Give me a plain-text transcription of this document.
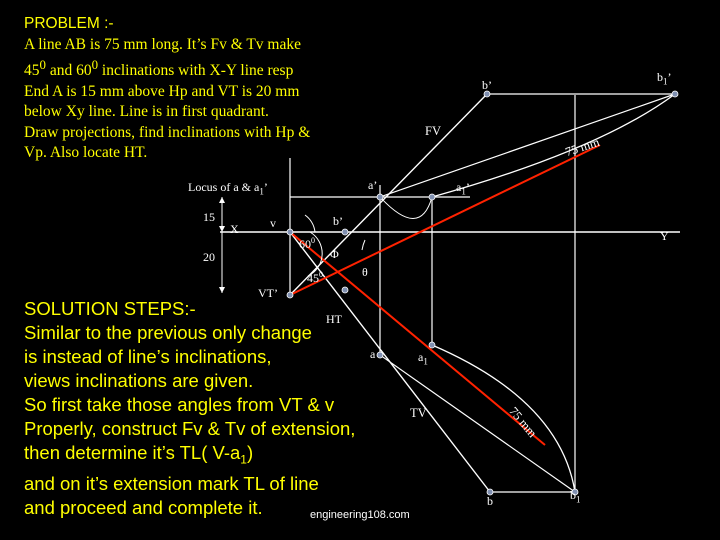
PROBLEM :-
A line AB is 75 mm long. It’s Fv & Tv make
$45^0$ and $60^0$ inclinations with X-Y line resp
End A is 15 mm above Hp and VT is 20 mm
below Xy line. Line is in first quadrant.
Draw projections, find inclinations with Hp &
Vp. Also locate HT.
b’
$b_1$’
FV
75 mm
Locus of a & $a_1$’	a’	$a_1$’
15
X	v	b’
$60^0$
Φ
Y
20
$45^0$	θ
VT’
HT
a	$a_1$
TV	75 mm
b	$b_1$
SOLUTION STEPS:-
Similar to the previous only change
is instead of line’s inclinations,
views inclinations are given.
So first take those angles from VT & v
Properly, construct Fv & Tv of extension,
then determine it’s TL( $V-a_1$)
and on it’s extension mark TL of line
and proceed and complete it.	engineering108.com
